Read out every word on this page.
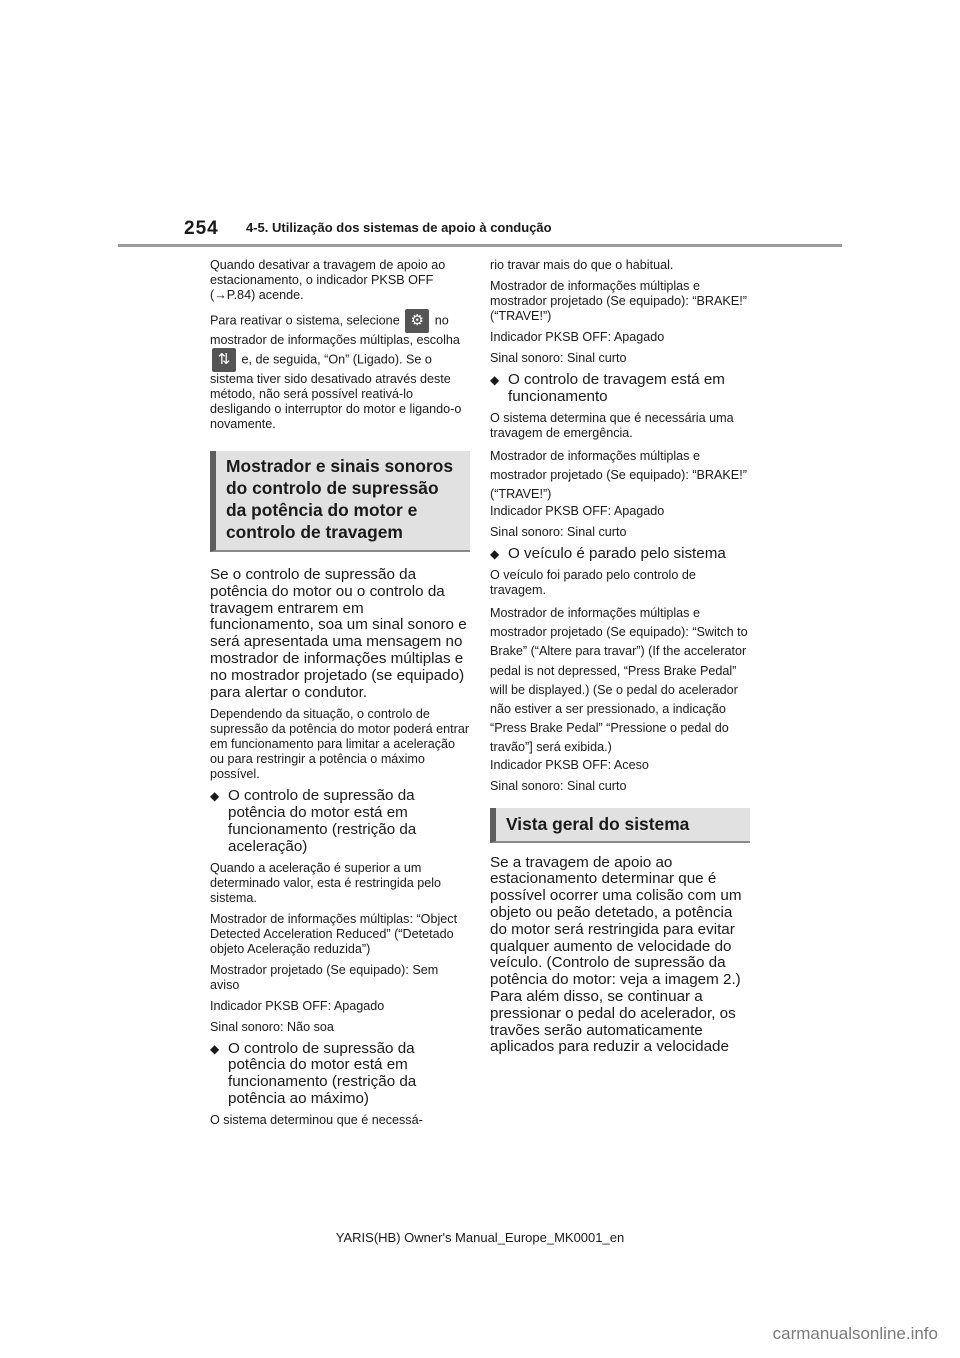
254 4-5. Utilização dos sistemas de apoio à condução

Quando desativar a travagem de apoio ao estacionamento, o indicador PKSB OFF (→P.84) acende.

Para reativar o sistema, selecione ⚙ no mostrador de informações múltiplas, escolha ⇅ e, de seguida, “On” (Ligado). Se o sistema tiver sido desativado através deste método, não será possível reativá-lo desligando o interruptor do motor e ligando-o novamente.

Mostrador e sinais sonoros do controlo de supressão da potência do motor e controlo de travagem

Se o controlo de supressão da potência do motor ou o controlo da travagem entrarem em funcionamento, soa um sinal sonoro e será apresentada uma mensagem no mostrador de informações múltiplas e no mostrador projetado (se equipado) para alertar o condutor.

Dependendo da situação, o controlo de supressão da potência do motor poderá entrar em funcionamento para limitar a aceleração ou para restringir a potência o máximo possível.

◆ O controlo de supressão da potência do motor está em funcionamento (restrição da aceleração)

Quando a aceleração é superior a um determinado valor, esta é restringida pelo sistema.

Mostrador de informações múltiplas: “Object Detected Acceleration Reduced” (“Detetado objeto Aceleração reduzida”)

Mostrador projetado (Se equipado): Sem aviso

Indicador PKSB OFF: Apagado

Sinal sonoro: Não soa

◆ O controlo de supressão da potência do motor está em funcionamento (restrição da potência ao máximo)

O sistema determinou que é necessá-

rio travar mais do que o habitual.

Mostrador de informações múltiplas e mostrador projetado (Se equipado): “BRAKE!” (“TRAVE!”)

Indicador PKSB OFF: Apagado

Sinal sonoro: Sinal curto

◆ O controlo de travagem está em funcionamento

O sistema determina que é necessária uma travagem de emergência.

Mostrador de informações múltiplas e mostrador projetado (Se equipado): “BRAKE!” (“TRAVE!”)

Indicador PKSB OFF: Apagado

Sinal sonoro: Sinal curto

◆ O veículo é parado pelo sistema

O veículo foi parado pelo controlo de travagem.

Mostrador de informações múltiplas e mostrador projetado (Se equipado): “Switch to Brake” (“Altere para travar”) (If the accelerator pedal is not depressed, “Press Brake Pedal” will be displayed.) (Se o pedal do acelerador não estiver a ser pressionado, a indicação “Press Brake Pedal” “Pressione o pedal do travão”] será exibida.)

Indicador PKSB OFF: Aceso

Sinal sonoro: Sinal curto

Vista geral do sistema

Se a travagem de apoio ao estacionamento determinar que é possível ocorrer uma colisão com um objeto ou peão detetado, a potência do motor será restringida para evitar qualquer aumento de velocidade do veículo. (Controlo de supressão da potência do motor: veja a imagem 2.) Para além disso, se continuar a pressionar o pedal do acelerador, os travões serão automaticamente aplicados para reduzir a velocidade

YARIS(HB) Owner's Manual_Europe_MK0001_en
carmanualsonline.info
